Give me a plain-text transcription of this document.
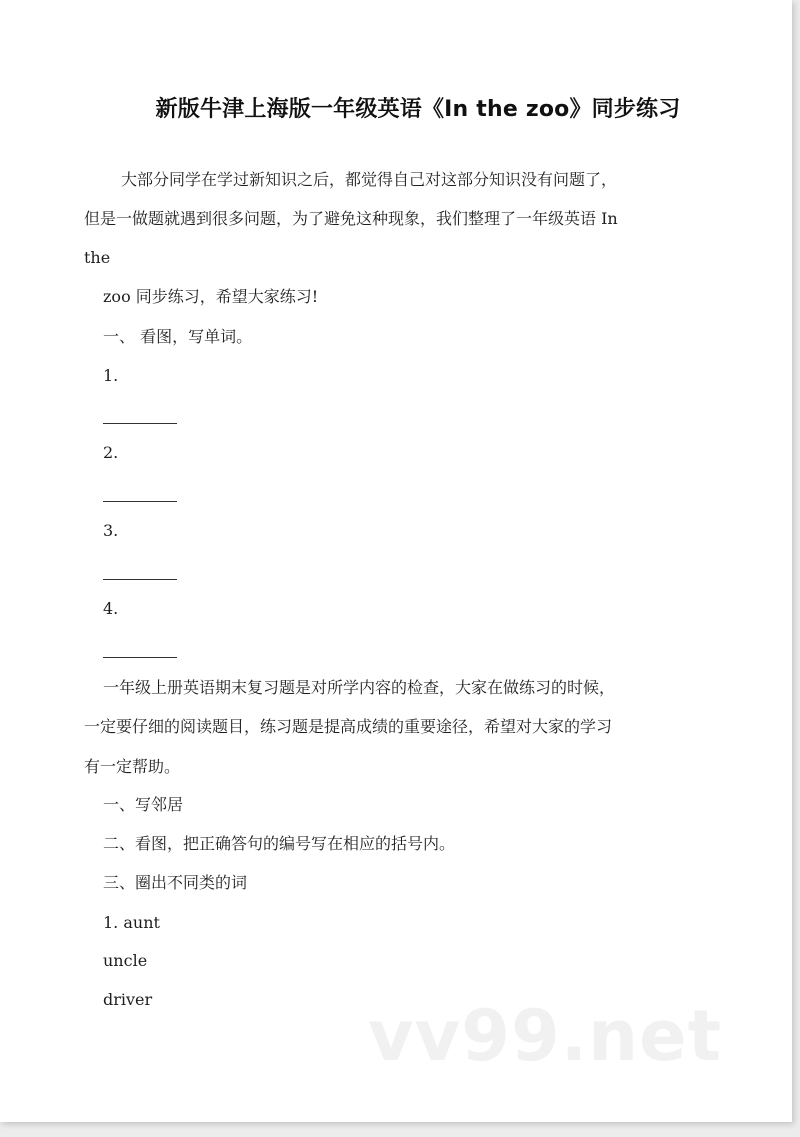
新版牛津上海版一年级英语《In the zoo》同步练习
大部分同学在学过新知识之后，都觉得自己对这部分知识没有问题了，
但是一做题就遇到很多问题，为了避免这种现象，我们整理了一年级英语 In
the
zoo 同步练习，希望大家练习!
一、 看图，写单词。
1.
2.
3.
4.
一年级上册英语期末复习题是对所学内容的检查，大家在做练习的时候，
一定要仔细的阅读题目，练习题是提高成绩的重要途径，希望对大家的学习
有一定帮助。
一、写邻居
二、看图，把正确答句的编号写在相应的括号内。
三、圈出不同类的词
1. aunt
uncle
driver	vv99.net
